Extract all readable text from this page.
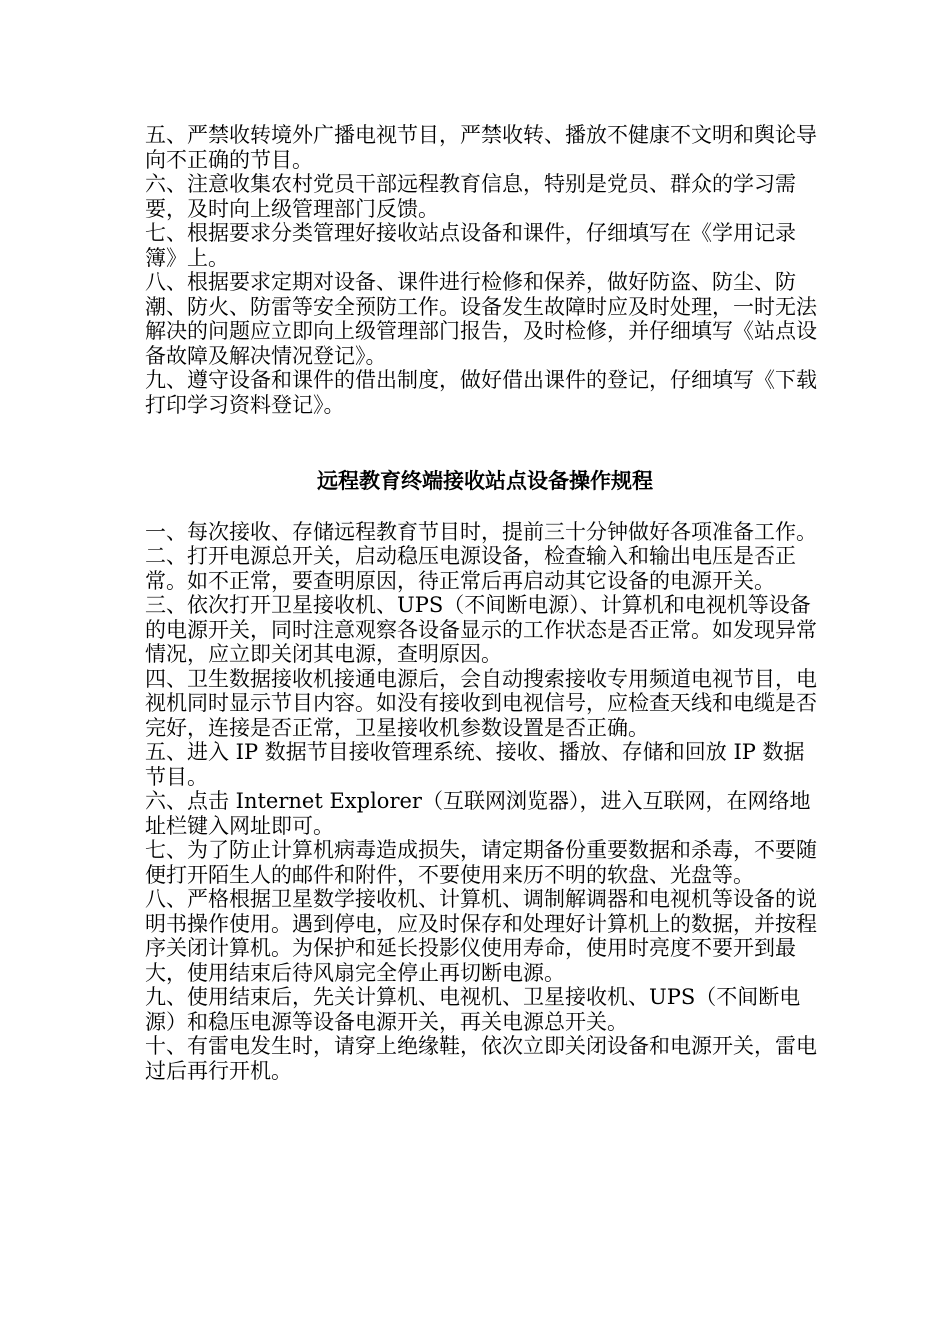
五、严禁收转境外广播电视节目，严禁收转、播放不健康不文明和舆论导向不正确的节目。

六、注意收集农村党员干部远程教育信息，特别是党员、群众的学习需要，及时向上级管理部门反馈。

七、根据要求分类管理好接收站点设备和课件，仔细填写在《学用记录簿》上。

八、根据要求定期对设备、课件进行检修和保养，做好防盗、防尘、防潮、防火、防雷等安全预防工作。设备发生故障时应及时处理，一时无法解决的问题应立即向上级管理部门报告，及时检修，并仔细填写《站点设备故障及解决情况登记》。

九、遵守设备和课件的借出制度，做好借出课件的登记，仔细填写《下载打印学习资料登记》。

远程教育终端接收站点设备操作规程

一、每次接收、存储远程教育节目时，提前三十分钟做好各项准备工作。

二、打开电源总开关，启动稳压电源设备，检查输入和输出电压是否正常。如不正常，要查明原因，待正常后再启动其它设备的电源开关。

三、依次打开卫星接收机、UPS（不间断电源）、计算机和电视机等设备的电源开关，同时注意观察各设备显示的工作状态是否正常。如发现异常情况，应立即关闭其电源，查明原因。

四、卫生数据接收机接通电源后，会自动搜索接收专用频道电视节目，电视机同时显示节目内容。如没有接收到电视信号，应检查天线和电缆是否完好，连接是否正常，卫星接收机参数设置是否正确。

五、进入 IP 数据节目接收管理系统、接收、播放、存储和回放 IP 数据节目。

六、点击 Internet Explorer（互联网浏览器），进入互联网，在网络地址栏键入网址即可。

七、为了防止计算机病毒造成损失，请定期备份重要数据和杀毒，不要随便打开陌生人的邮件和附件，不要使用来历不明的软盘、光盘等。

八、严格根据卫星数学接收机、计算机、调制解调器和电视机等设备的说明书操作使用。遇到停电，应及时保存和处理好计算机上的数据，并按程序关闭计算机。为保护和延长投影仪使用寿命，使用时亮度不要开到最大，使用结束后待风扇完全停止再切断电源。

九、使用结束后，先关计算机、电视机、卫星接收机、UPS（不间断电源）和稳压电源等设备电源开关，再关电源总开关。

十、有雷电发生时，请穿上绝缘鞋，依次立即关闭设备和电源开关，雷电过后再行开机。
